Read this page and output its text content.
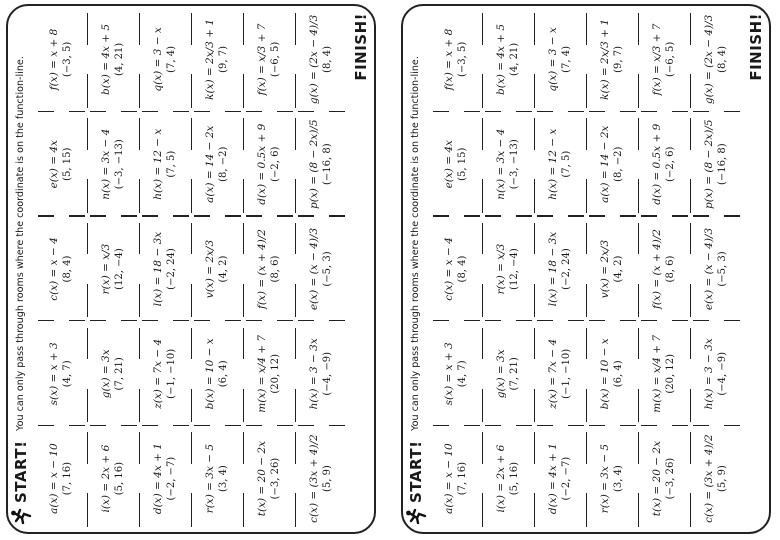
START!
You can only pass through rooms where the coordinate is on the function-line.
a(x) = x − 10 (7, 16)
s(x) = x + 3 (4, 7)
c(x) = x − 4 (8, 4)
e(x) = 4x (5, 15)
f(x) = x + 8 (−3, 5)
i(x) = 2x + 6 (5, 16)
g(x) = 3x (7, 21)
r(x) = x/3 (12, −4)
n(x) = 3x − 4 (−3, −13)
b(x) = 4x + 5 (4, 21)
d(x) = 4x + 1 (−2, −7)
z(x) = 7x − 4 (−1, −10)
l(x) = 18 − 3x (−2, 24)
h(x) = 12 − x (7, 5)
q(x) = 3 − x (7, 4)
r(x) = 3x − 5 (3, 4)
b(x) = 10 − x (6, 4)
v(x) = 2x/3 (4, 2)
a(x) = 14 − 2x (8, −2)
k(x) = 2x/3 + 1 (9, 7)
t(x) = 20 − 2x (−3, 26)
m(x) = x/4 + 7 (20, 12)
f(x) = (x + 4)/2 (8, 6)
d(x) = 0.5x + 9 (−2, 6)
f(x) = x/3 + 7 (−6, 5)
c(x) = (3x + 4)/2 (5, 9)
h(x) = 3 − 3x (−4, −9)
e(x) = (x − 4)/3 (−5, 3)
p(x) = (8 − 2x)/5 (−16, 8)
g(x) = (2x − 4)/3 (8, 4) FINISH!
START!
You can only pass through rooms where the coordinate is on the function-line.
a(x) = x − 10 (7, 16)
s(x) = x + 3 (4, 7)
c(x) = x − 4 (8, 4)
e(x) = 4x (5, 15)
f(x) = x + 8 (−3, 5)
i(x) = 2x + 6 (5, 16)
g(x) = 3x (7, 21)
r(x) = x/3 (12, −4)
n(x) = 3x − 4 (−3, −13)
b(x) = 4x + 5 (4, 21)
d(x) = 4x + 1 (−2, −7)
z(x) = 7x − 4 (−1, −10)
l(x) = 18 − 3x (−2, 24)
h(x) = 12 − x (7, 5)
q(x) = 3 − x (7, 4)
r(x) = 3x − 5 (3, 4)
b(x) = 10 − x (6, 4)
v(x) = 2x/3 (4, 2)
a(x) = 14 − 2x (8, −2)
k(x) = 2x/3 + 1 (9, 7)
t(x) = 20 − 2x (−3, 26)
m(x) = x/4 + 7 (20, 12)
f(x) = (x + 4)/2 (8, 6)
d(x) = 0.5x + 9 (−2, 6)
f(x) = x/3 + 7 (−6, 5)
c(x) = (3x + 4)/2 (5, 9)
h(x) = 3 − 3x (−4, −9)
e(x) = (x − 4)/3 (−5, 3)
p(x) = (8 − 2x)/5 (−16, 8)
g(x) = (2x − 4)/3 (8, 4) FINISH!
